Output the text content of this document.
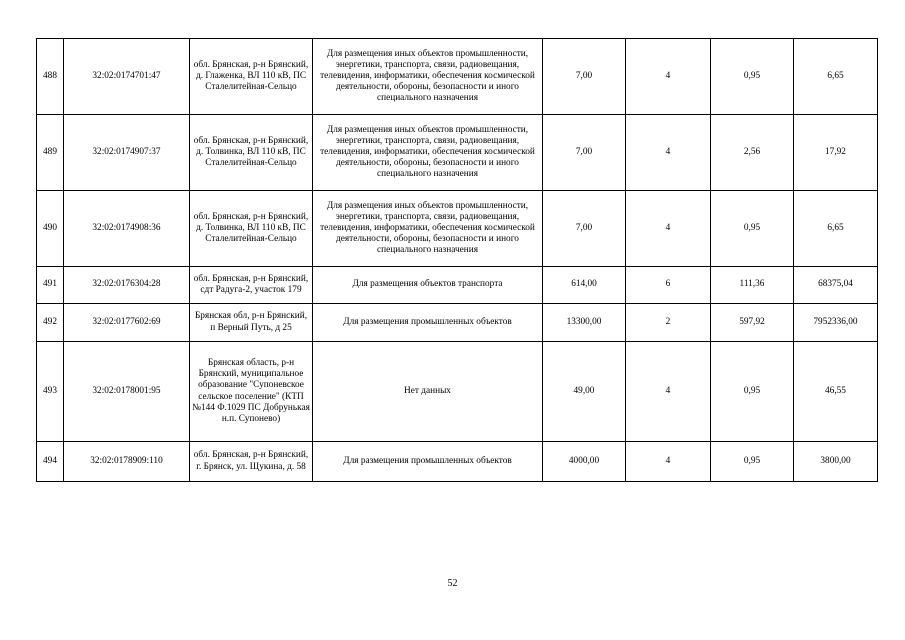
488	32:02:0174701:47	обл. Брянская, р-н Брянский, д. Глаженка, ВЛ 110 кВ, ПС Сталелитейная-Сельцо	Для размещения иных объектов промышленности, энергетики, транспорта, связи, радиовещания, телевидения, информатики, обеспечения космической деятельности, обороны, безопасности и иного специального назначения	7,00	4	0,95	6,65
489	32:02:0174907:37	обл. Брянская, р-н Брянский, д. Толвинка, ВЛ 110 кВ, ПС Сталелитейная-Сельцо	Для размещения иных объектов промышленности, энергетики, транспорта, связи, радиовещания, телевидения, информатики, обеспечения космической деятельности, обороны, безопасности и иного специального назначения	7,00	4	2,56	17,92
490	32:02:0174908:36	обл. Брянская, р-н Брянский, д. Толвинка, ВЛ 110 кВ, ПС Сталелитейная-Сельцо	Для размещения иных объектов промышленности, энергетики, транспорта, связи, радиовещания, телевидения, информатики, обеспечения космической деятельности, обороны, безопасности и иного специального назначения	7,00	4	0,95	6,65
491	32:02:0176304:28	обл. Брянская, р-н Брянский, сдт Радуга-2, участок 179	Для размещения объектов транспорта	614,00	6	111,36	68375,04
492	32:02:0177602:69	Брянская обл, р-н Брянский, п Верный Путь, д 25	Для размещения промышленных объектов	13300,00	2	597,92	7952336,00
493	32:02:0178001:95	Брянская область, р-н Брянский, муниципальное образование "Супоневское сельское поселение" (КТП №144 Ф.1029 ПС Добрунькая н.п. Супонево)	Нет данных	49,00	4	0,95	46,55
494	32:02:0178909:110	обл. Брянская, р-н Брянский, г. Брянск, ул. Щукина, д. 58	Для размещения промышленных объектов	4000,00	4	0,95	3800,00
52
